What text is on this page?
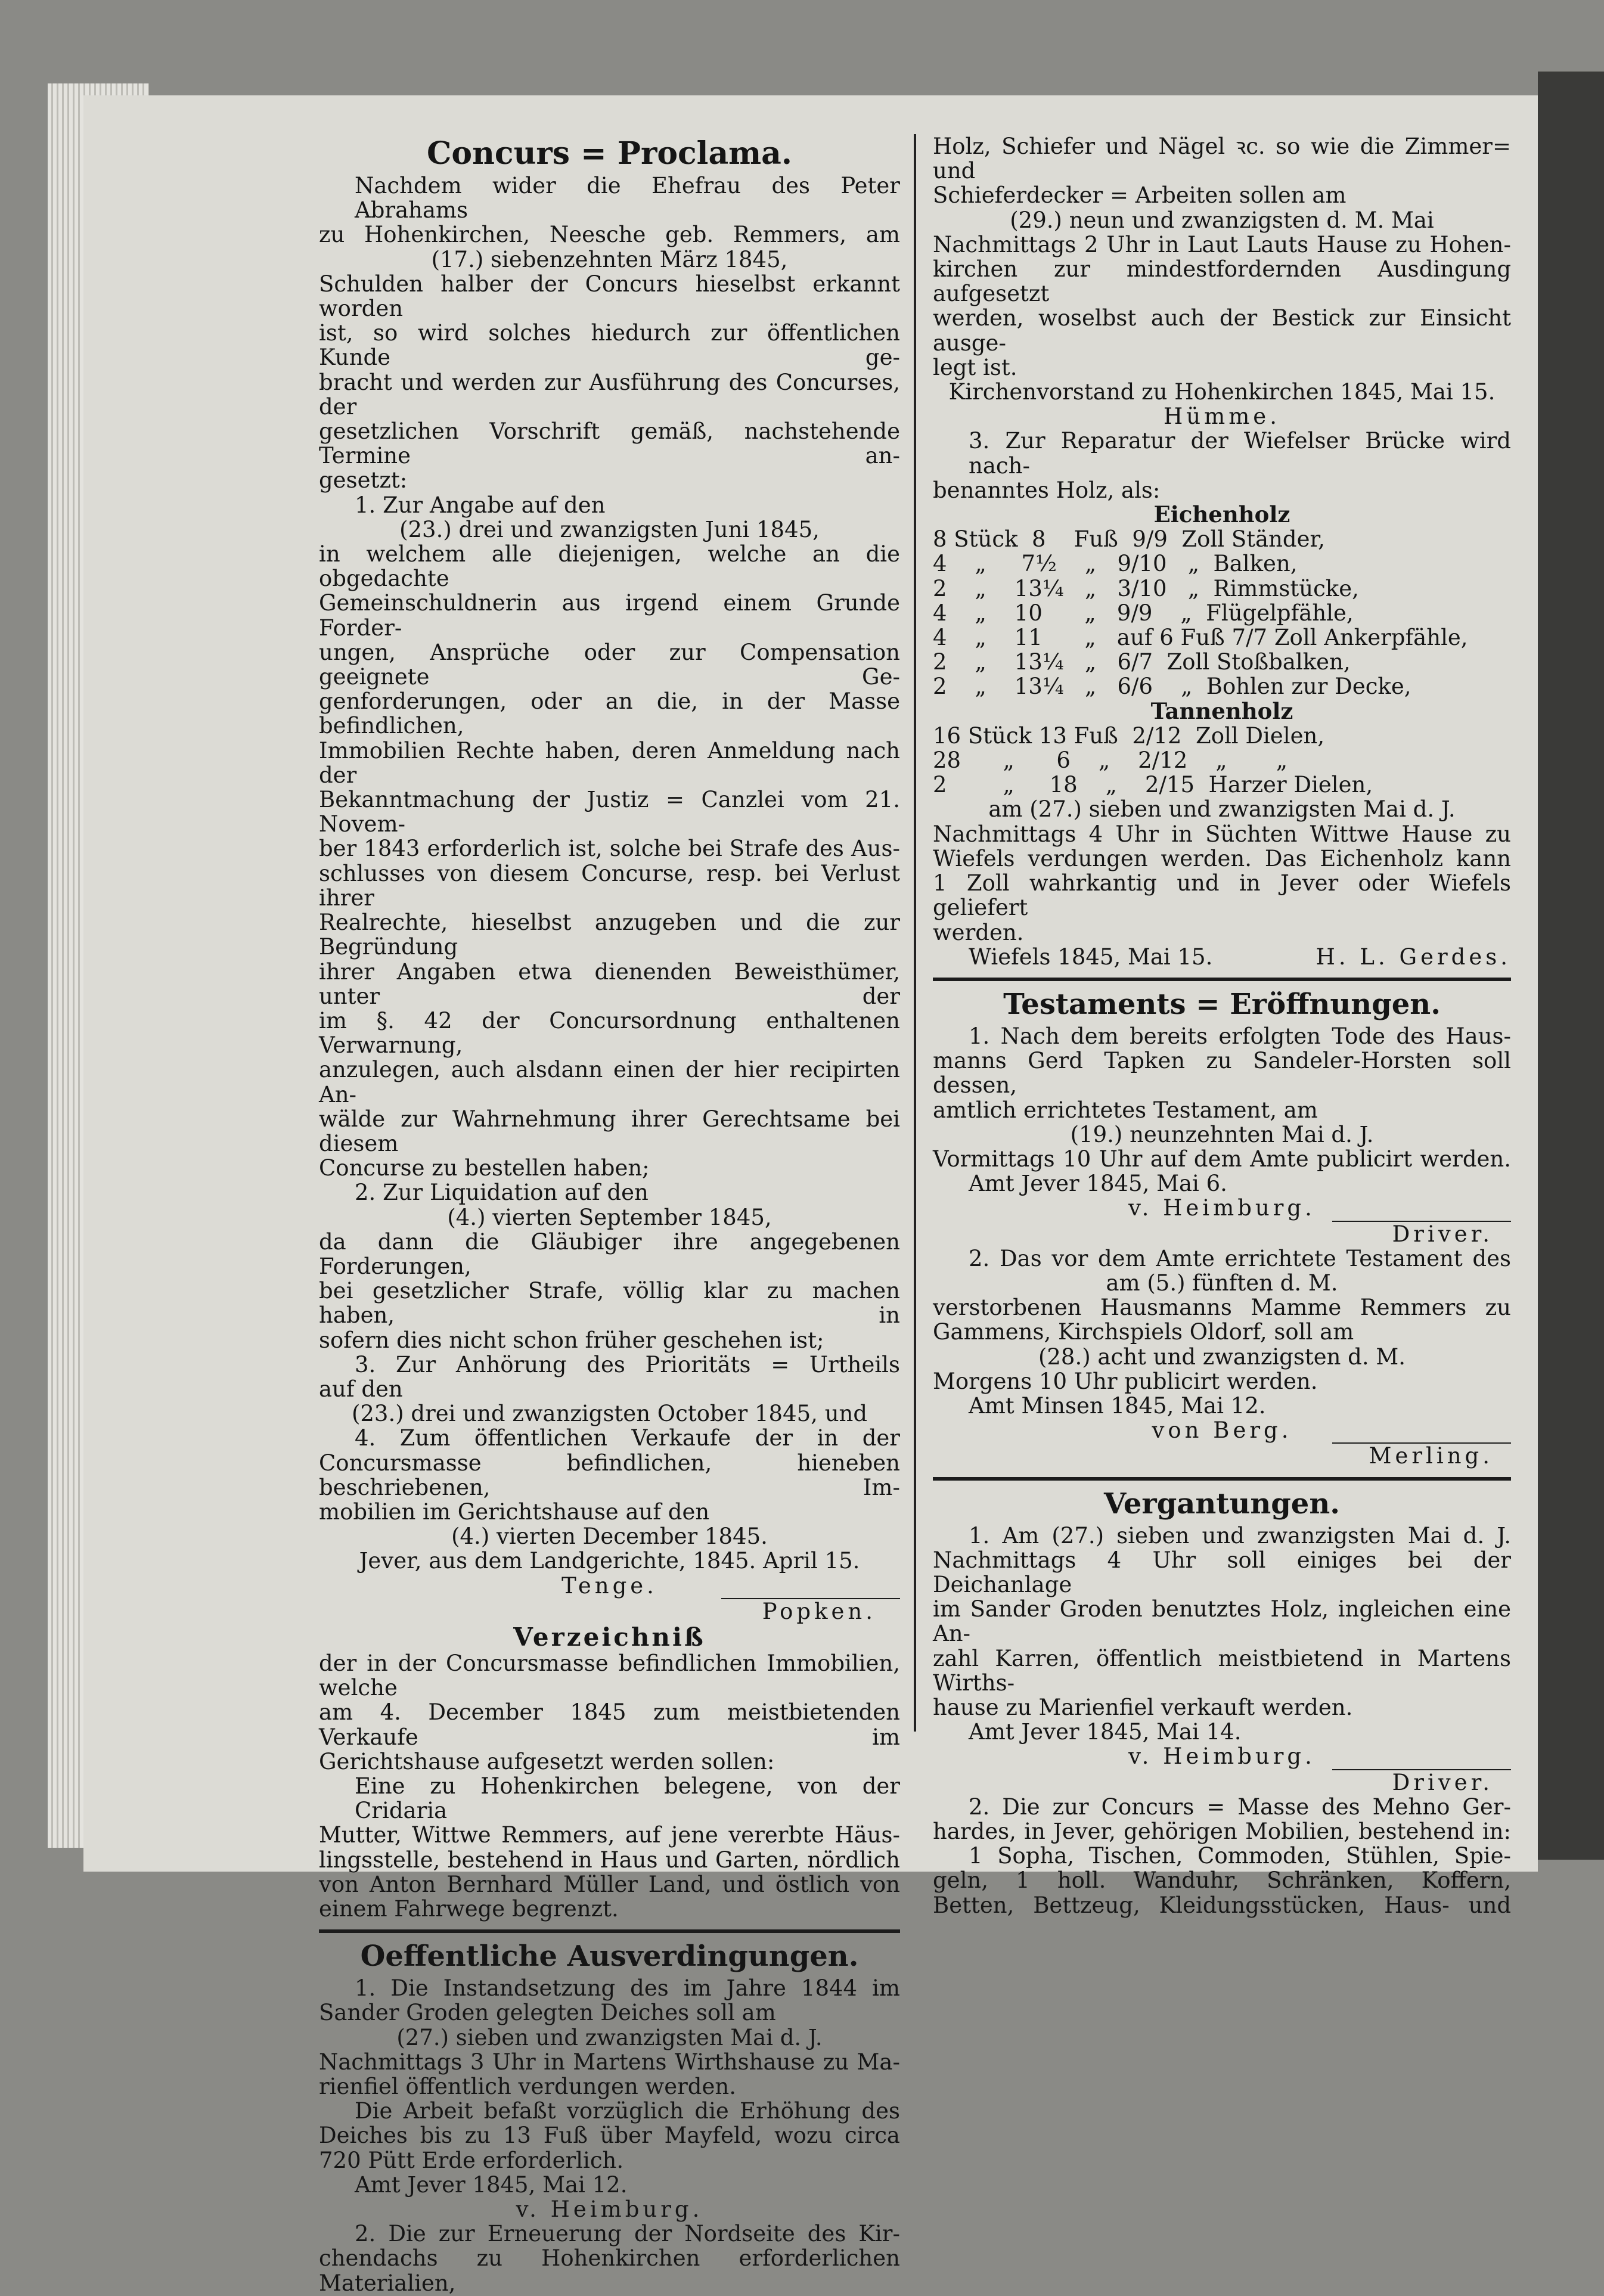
Concurs = Proclama.

Nachdem wider die Ehefrau des Peter Abrahams

zu Hohenkirchen, Neesche geb. Remmers, am

(17.) siebenzehnten März 1845,

Schulden halber der Concurs hieselbst erkannt worden

ist, so wird solches hiedurch zur öffentlichen Kunde ge-

bracht und werden zur Ausführung des Concurses, der

gesetzlichen Vorschrift gemäß, nachstehende Termine an-

gesetzt:

1. Zur Angabe auf den

(23.) drei und zwanzigsten Juni 1845,

in welchem alle diejenigen, welche an die obgedachte

Gemeinschuldnerin aus irgend einem Grunde Forder-

ungen, Ansprüche oder zur Compensation geeignete Ge-

genforderungen, oder an die, in der Masse befindlichen,

Immobilien Rechte haben, deren Anmeldung nach der

Bekanntmachung der Justiz = Canzlei vom 21. Novem-

ber 1843 erforderlich ist, solche bei Strafe des Aus-

schlusses von diesem Concurse, resp. bei Verlust ihrer

Realrechte, hieselbst anzugeben und die zur Begründung

ihrer Angaben etwa dienenden Beweisthümer, unter der

im §. 42 der Concursordnung enthaltenen Verwarnung,

anzulegen, auch alsdann einen der hier recipirten An-

wälde zur Wahrnehmung ihrer Gerechtsame bei diesem

Concurse zu bestellen haben;

2. Zur Liquidation auf den

(4.) vierten September 1845,

da dann die Gläubiger ihre angegebenen Forderungen,

bei gesetzlicher Strafe, völlig klar zu machen haben, in

sofern dies nicht schon früher geschehen ist;

3. Zur Anhörung des Prioritäts = Urtheils

auf den

(23.) drei und zwanzigsten October 1845, und

4. Zum öffentlichen Verkaufe der in der

Concursmasse befindlichen, hieneben beschriebenen, Im-

mobilien im Gerichtshause auf den

(4.) vierten December 1845.

Jever, aus dem Landgerichte, 1845. April 15.

Tenge.

Popken.

Verzeichniß

der in der Concursmasse befindlichen Immobilien, welche

am 4. December 1845 zum meistbietenden Verkaufe im

Gerichtshause aufgesetzt werden sollen:

Eine zu Hohenkirchen belegene, von der Cridaria

Mutter, Wittwe Remmers, auf jene vererbte Häus-

lingsstelle, bestehend in Haus und Garten, nördlich

von Anton Bernhard Müller Land, und östlich von

einem Fahrwege begrenzt.

Oeffentliche Ausverdingungen.

1. Die Instandsetzung des im Jahre 1844 im

Sander Groden gelegten Deiches soll am

(27.) sieben und zwanzigsten Mai d. J.

Nachmittags 3 Uhr in Martens Wirthshause zu Ma-

rienfiel öffentlich verdungen werden.

Die Arbeit befaßt vorzüglich die Erhöhung des

Deiches bis zu 13 Fuß über Mayfeld, wozu circa

720 Pütt Erde erforderlich.

Amt Jever 1845, Mai 12.

v. Heimburg.

2. Die zur Erneuerung der Nordseite des Kir-

chendachs zu Hohenkirchen erforderlichen Materialien,

Holz, Schiefer und Nägel ꝛc. so wie die Zimmer= und

Schieferdecker = Arbeiten sollen am

(29.) neun und zwanzigsten d. M. Mai

Nachmittags 2 Uhr in Laut Lauts Hause zu Hohen-

kirchen zur mindestfordernden Ausdingung aufgesetzt

werden, woselbst auch der Bestick zur Einsicht ausge-

legt ist.

Kirchenvorstand zu Hohenkirchen 1845, Mai 15.

Hümme.

3. Zur Reparatur der Wiefelser Brücke wird nach-

benanntes Holz, als:

Eichenholz

8 Stück  8    Fuß  9/9  Zoll Ständer,

4    „     7½    „   9/10   „  Balken,

2    „    13¼   „   3/10   „  Rimmstücke,

4    „    10      „   9/9    „  Flügelpfähle,

4    „    11      „   auf 6 Fuß 7/7 Zoll Ankerpfähle,

2    „    13¼   „   6/7  Zoll Stoßbalken,

2    „    13¼   „   6/6    „  Bohlen zur Decke,

Tannenholz

16 Stück 13 Fuß  2/12  Zoll Dielen,

28      „      6    „    2/12    „       „

2        „     18    „    2/15  Harzer Dielen,

am (27.) sieben und zwanzigsten Mai d. J.

Nachmittags 4 Uhr in Süchten Wittwe Hause zu

Wiefels verdungen werden. Das Eichenholz kann

1 Zoll wahrkantig und in Jever oder Wiefels geliefert

werden.

Wiefels 1845, Mai 15.	H. L. Gerdes.

Testaments = Eröffnungen.

1. Nach dem bereits erfolgten Tode des Haus-

manns Gerd Tapken zu Sandeler-Horsten soll dessen,

amtlich errichtetes Testament, am

(19.) neunzehnten Mai d. J.

Vormittags 10 Uhr auf dem Amte publicirt werden.

Amt Jever 1845, Mai 6.

v. Heimburg.

Driver.

2. Das vor dem Amte errichtete Testament des

am (5.) fünften d. M.

verstorbenen Hausmanns Mamme Remmers zu

Gammens, Kirchspiels Oldorf, soll am

(28.) acht und zwanzigsten d. M.

Morgens 10 Uhr publicirt werden.

Amt Minsen 1845, Mai 12.

von Berg.

Merling.

Vergantungen.

1. Am (27.) sieben und zwanzigsten Mai d. J.

Nachmittags 4 Uhr soll einiges bei der Deichanlage

im Sander Groden benutztes Holz, ingleichen eine An-

zahl Karren, öffentlich meistbietend in Martens Wirths-

hause zu Marienfiel verkauft werden.

Amt Jever 1845, Mai 14.

v. Heimburg.

Driver.

2. Die zur Concurs = Masse des Mehno Ger-

hardes, in Jever, gehörigen Mobilien, bestehend in:

1 Sopha, Tischen, Commoden, Stühlen, Spie-

geln, 1 holl. Wanduhr, Schränken, Koffern,

Betten, Bettzeug, Kleidungsstücken, Haus- und
